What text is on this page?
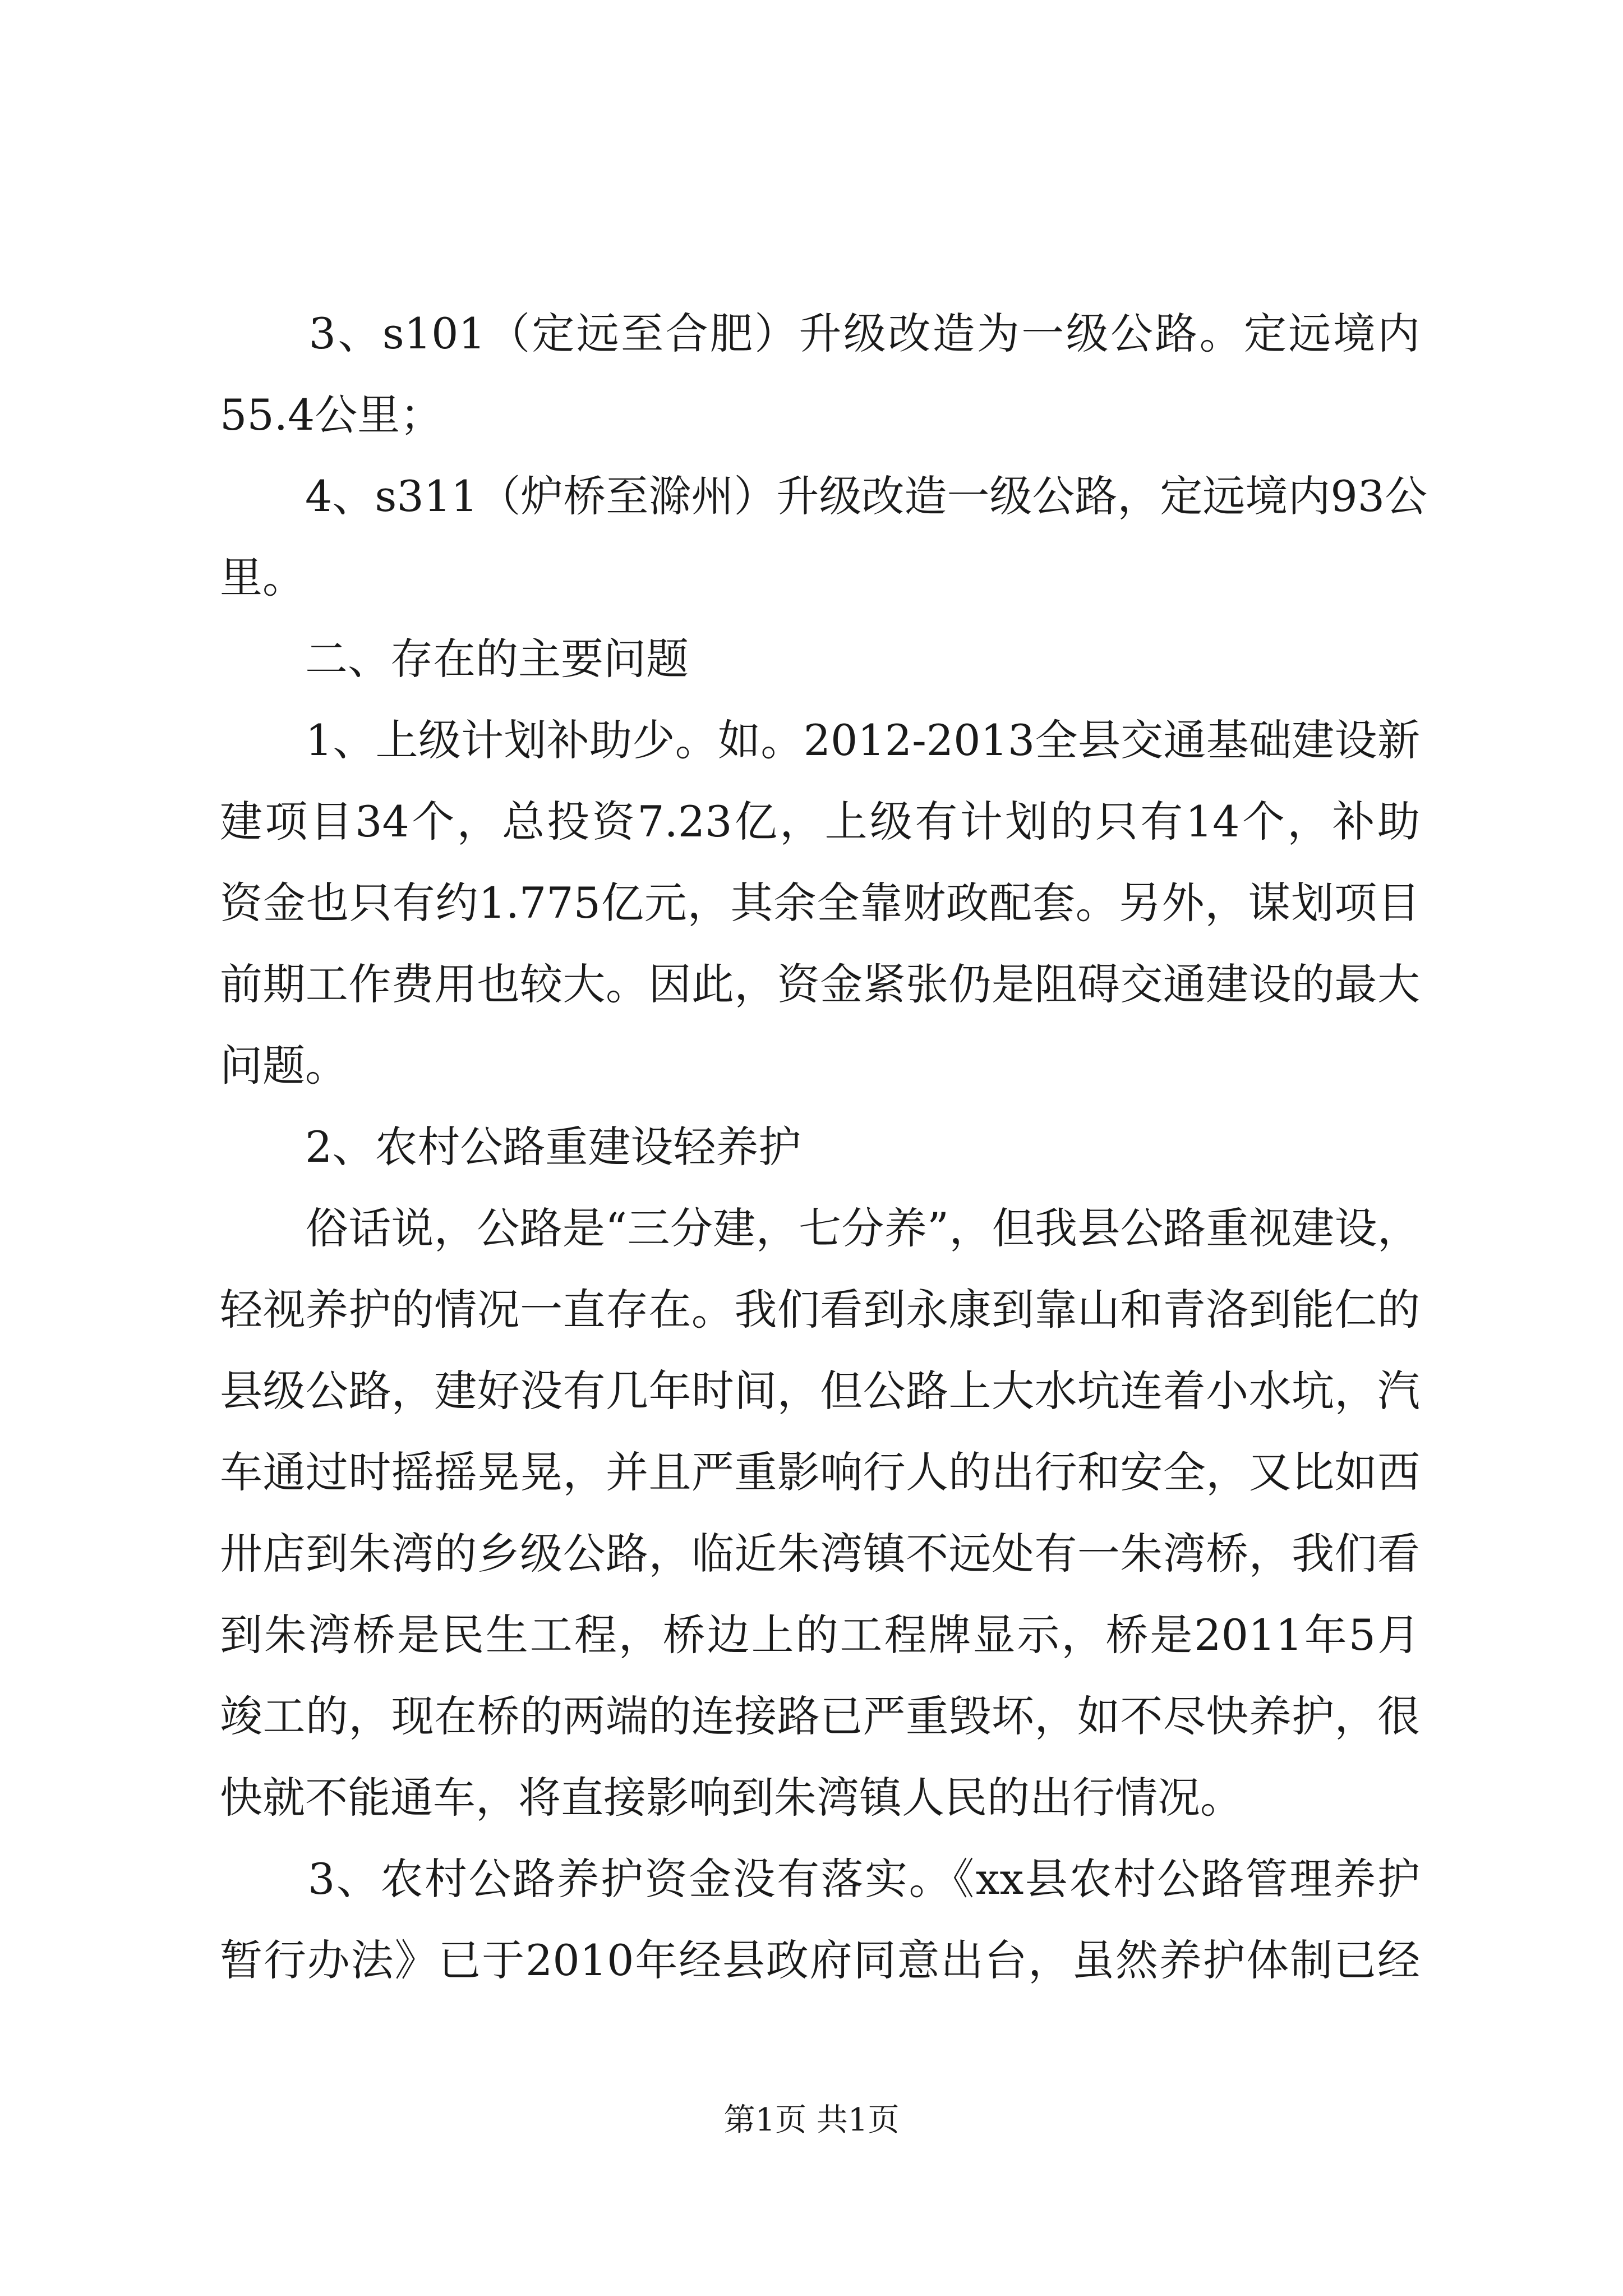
　　3、s101（定远至合肥）升级改造为一级公路。定远境内
55.4公里；
　　4、s311（炉桥至滁州）升级改造一级公路，定远境内93公
里。
　　二、存在的主要问题
　　1、上级计划补助少。如。2012-2013全县交通基础建设新
建项目34个，总投资7.23亿，上级有计划的只有14个，补助
资金也只有约1.775亿元，其余全靠财政配套。另外，谋划项目
前期工作费用也较大。因此，资金紧张仍是阻碍交通建设的最大
问题。
　　2、农村公路重建设轻养护
　　俗话说，公路是“三分建，七分养”，但我县公路重视建设，
轻视养护的情况一直存在。我们看到永康到靠山和青洛到能仁的
县级公路，建好没有几年时间，但公路上大水坑连着小水坑，汽
车通过时摇摇晃晃，并且严重影响行人的出行和安全，又比如西
卅店到朱湾的乡级公路，临近朱湾镇不远处有一朱湾桥，我们看
到朱湾桥是民生工程，桥边上的工程牌显示，桥是2011年5月
竣工的，现在桥的两端的连接路已严重毁坏，如不尽快养护，很
快就不能通车，将直接影响到朱湾镇人民的出行情况。
　　3、农村公路养护资金没有落实。《xx县农村公路管理养护
暂行办法》已于2010年经县政府同意出台，虽然养护体制已经
第1页 共1页
